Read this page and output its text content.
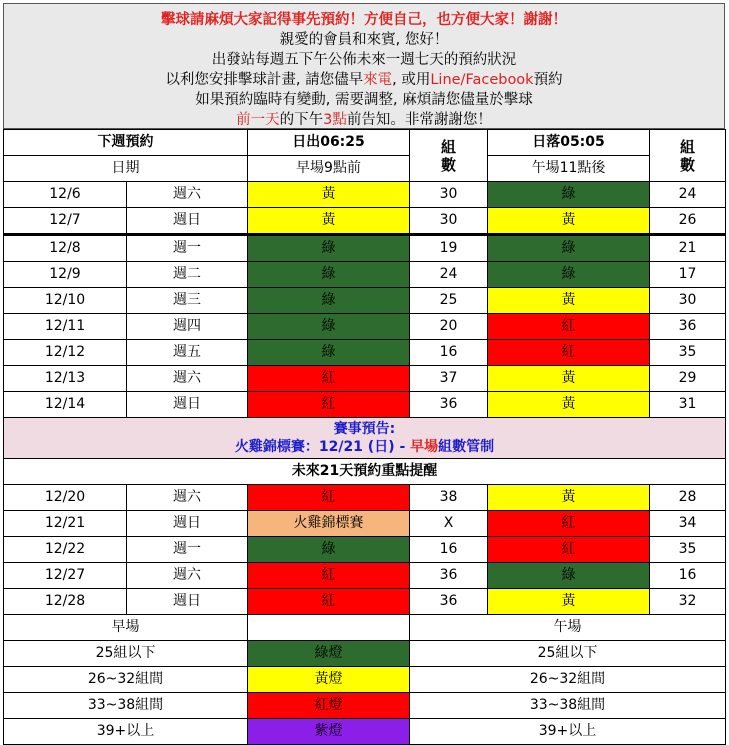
擊球請麻煩大家記得事先預約！方便自己，也方便大家！謝謝！
親愛的會員和來賓, 您好！
出發站每週五下午公佈未來一週七天的預約狀況
以利您安排擊球計畫, 請您儘早來電, 或用Line/Facebook預約
如果預約臨時有變動, 需要調整, 麻煩請您儘量於擊球
前一天的下午3點前告知。非常謝謝您！
下週預約		日出06:25	組數	日落05:05	組數
日期		早場9點前		午場11點後	
12/6	週六	黃	30	綠	24
12/7	週日	黃	30	黃	26
12/8	週一	綠	19	綠	21
12/9	週二	綠	24	綠	17
12/10	週三	綠	25	黃	30
12/11	週四	綠	20	紅	36
12/12	週五	綠	16	紅	35
12/13	週六	紅	37	黃	29
12/14	週日	紅	36	黃	31

賽事預告:
火雞錦標賽：12/21 (日) - 早場組數管制					

未來21天預約重點提醒					
12/20	週六	紅	38	黃	28
12/21	週日	火雞錦標賽	X	紅	34
12/22	週一	綠	16	紅	35
12/27	週六	紅	36	綠	16
12/28	週日	紅	36	黃	32
早場			午場		
25組以下		綠燈	25組以下		
26~32組間		黃燈	26~32組間		
33~38組間		紅燈	33~38組間		
39+以上		紫燈	39+以上		
